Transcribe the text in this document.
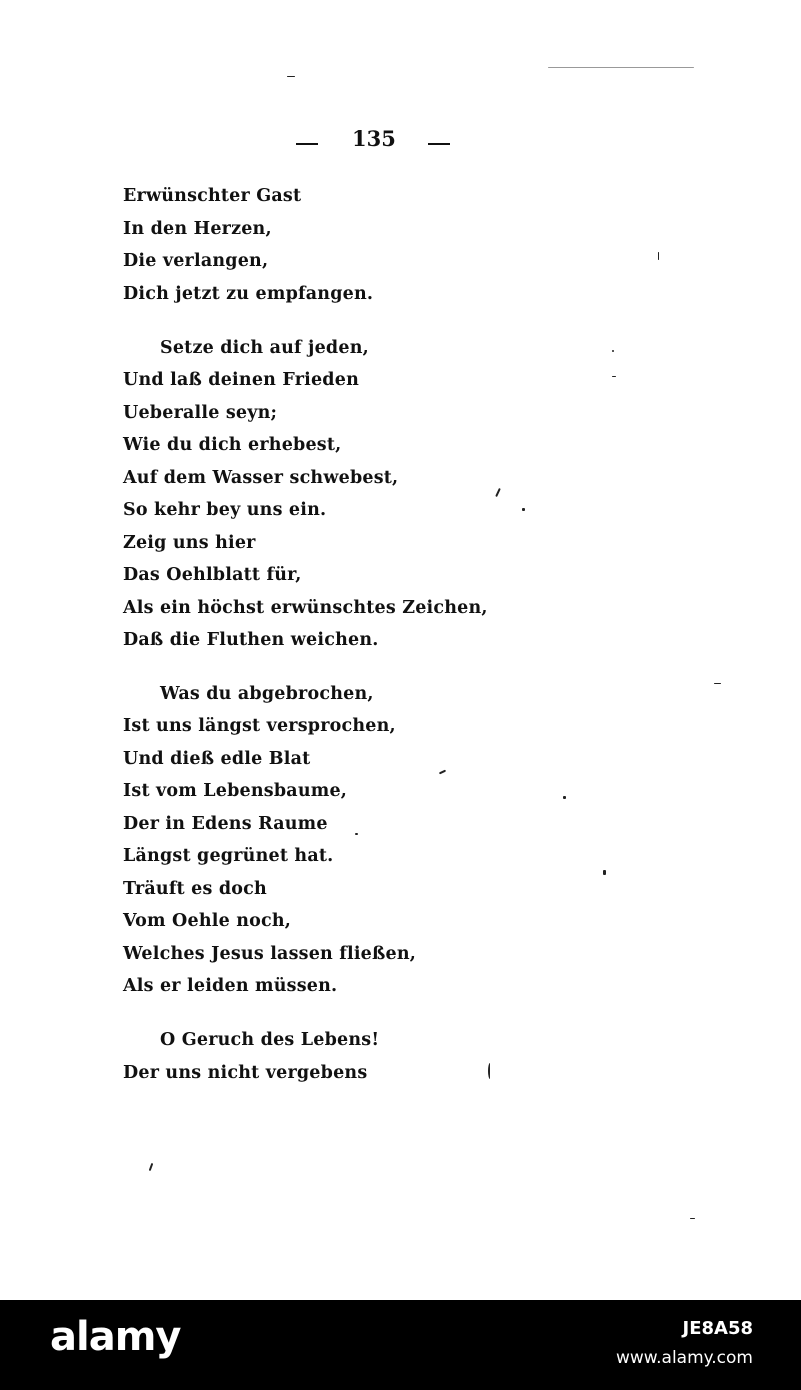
135
Erwünschter Gast
In den Herzen,
Die verlangen,
Dich jetzt zu empfangen.
Setze dich auf jeden,
Und laß deinen Frieden
Ueberalle seyn;
Wie du dich erhebest,
Auf dem Wasser schwebest,
So kehr bey uns ein.
Zeig uns hier
Das Oehlblatt für,
Als ein höchst erwünschtes Zeichen,
Daß die Fluthen weichen.
Was du abgebrochen,
Ist uns längst versprochen,
Und dieß edle Blat
Ist vom Lebensbaume,
Der in Edens Raume
Längst gegrünet hat.
Träuft es doch
Vom Oehle noch,
Welches Jesus lassen fließen,
Als er leiden müssen.
O Geruch des Lebens!
Der uns nicht vergebens
alamy	JE8A58
www.alamy.com
